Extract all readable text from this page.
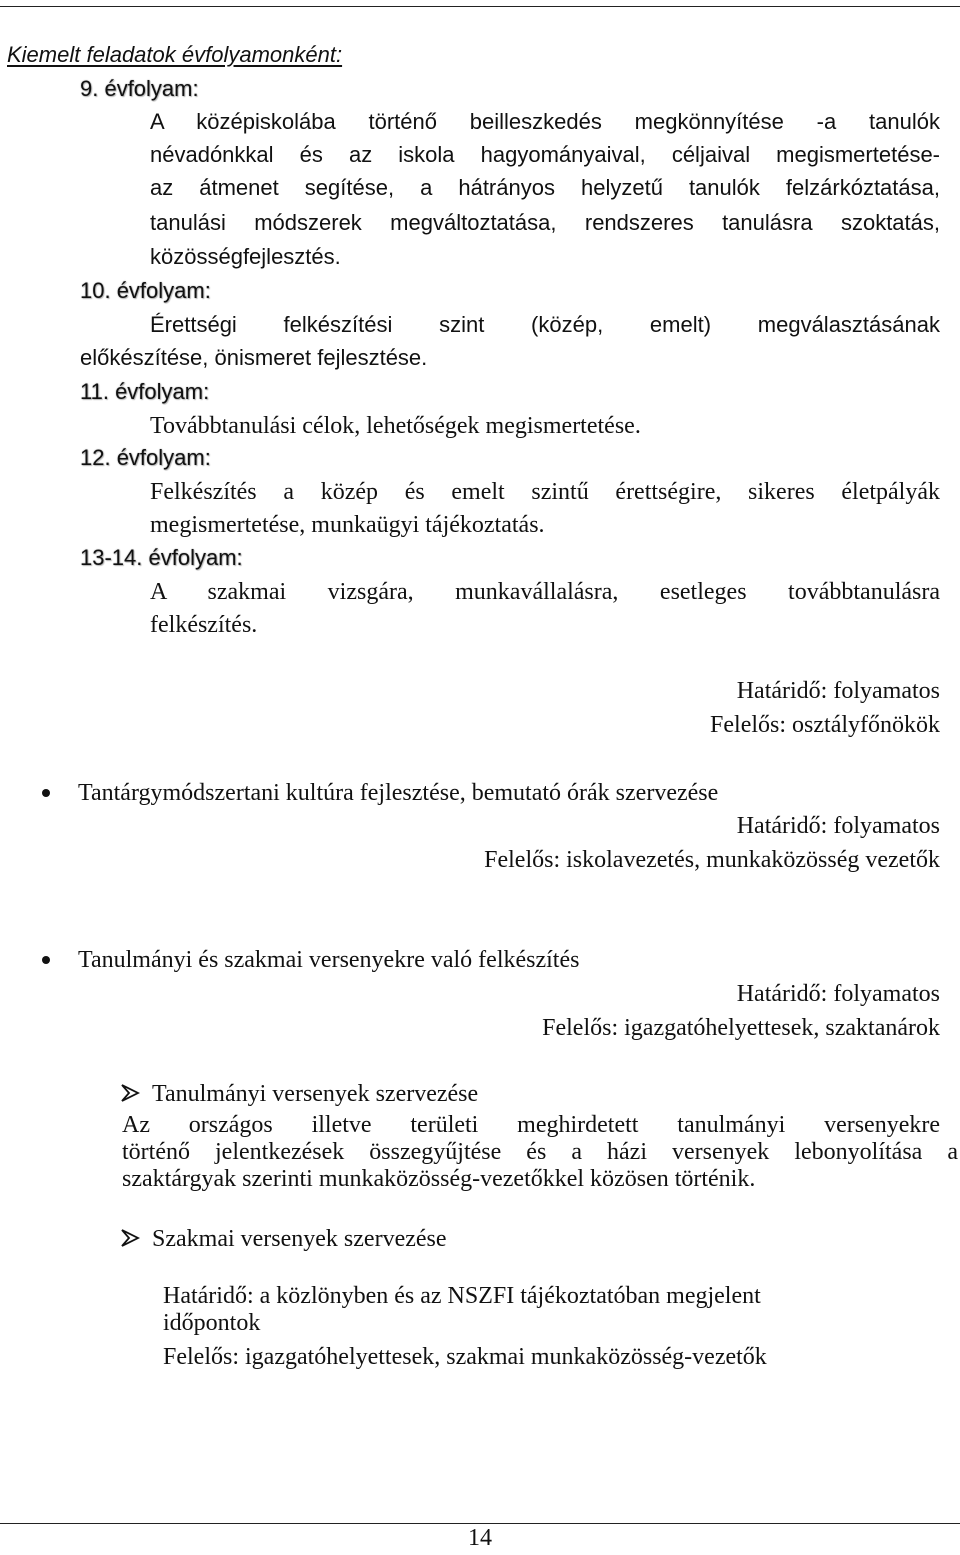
Kiemelt feladatok évfolyamonként:
9. évfolyam:
A középiskolába történő beilleszkedés megkönnyítése -a tanulók
névadónkkal és az iskola hagyományaival, céljaival megismertetése-
az átmenet segítése, a hátrányos helyzetű tanulók felzárkóztatása,
tanulási módszerek megváltoztatása, rendszeres tanulásra szoktatás,
közösségfejlesztés.
10. évfolyam:
Érettségi felkészítési szint (közép, emelt) megválasztásának
előkészítése, önismeret fejlesztése.
11. évfolyam:
Továbbtanulási célok, lehetőségek megismertetése.
12. évfolyam:
Felkészítés a közép és emelt szintű érettségire, sikeres életpályák
megismertetése, munkaügyi tájékoztatás.
13-14. évfolyam:
A szakmai vizsgára, munkavállalásra, esetleges továbbtanulásra
felkészítés.
Határidő: folyamatos
Felelős: osztályfőnökök
Tantárgymódszertani kultúra fejlesztése, bemutató órák szervezése
Határidő: folyamatos
Felelős: iskolavezetés, munkaközösség vezetők
Tanulmányi és szakmai versenyekre való felkészítés
Határidő: folyamatos
Felelős: igazgatóhelyettesek, szaktanárok
Tanulmányi versenyek szervezése
Az országos illetve területi meghirdetett tanulmányi versenyekre
történő jelentkezések összegyűjtése és a házi versenyek lebonyolítása a
szaktárgyak szerinti munkaközösség-vezetőkkel közösen történik.
Szakmai versenyek szervezése
Határidő: a közlönyben és az NSZFI tájékoztatóban megjelent
időpontok
Felelős: igazgatóhelyettesek, szakmai munkaközösség-vezetők
14
